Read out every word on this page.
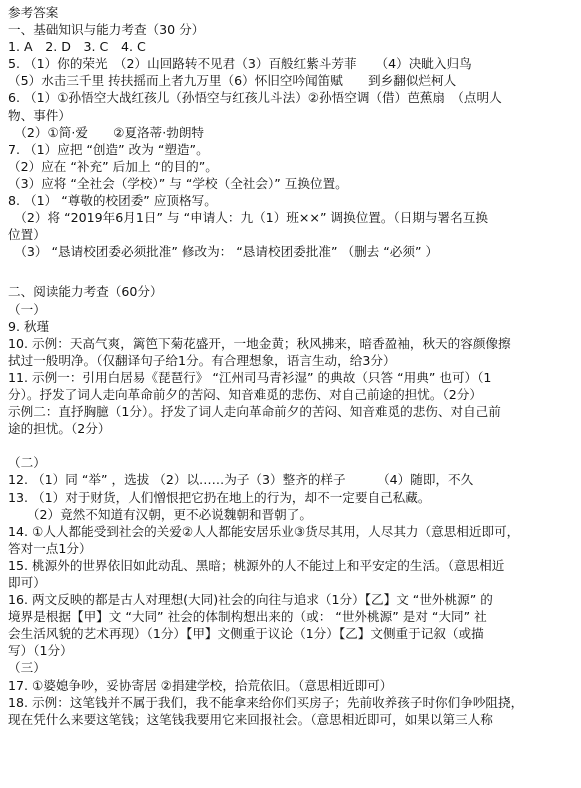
参考答案
一、基础知识与能力考查（30 分）
1. A　2. D　3. C　4. C
5. （1）你的荣光　（2）山回路转不见君（3）百般红紫斗芳菲　　（4）决眦入归鸟
（5）水击三千里 抟扶摇而上者九万里（6）怀旧空吟闻笛赋　　到乡翻似烂柯人
6. （1）①孙悟空大战红孩儿（孙悟空与红孩儿斗法）②孙悟空调（借）芭蕉扇　（点明人
物、事件）
　（2）①简·爱　　②夏洛蒂·勃朗特
7. （1）应把 “创造” 改为 “塑造”。
（2）应在 “补充” 后加上 “的目的”。
（3）应将 “全社会（学校）” 与 “学校（全社会）” 互换位置。
8. （1） “尊敬的校团委” 应顶格写。
　（2）将 “2019年6月1日” 与 “申请人：九（1）班××” 调换位置。（日期与署名互换
位置）
　（3） “恳请校团委必须批准” 修改为： “恳请校团委批准” （删去 “必须” ）
二、阅读能力考查（60分）
（一）
9. 秋瑾
10. 示例：天高气爽，篱笆下菊花盛开，一地金黄；秋风拂来，暗香盈袖，秋天的容颜像擦
拭过一般明净。（仅翻译句子给1分。有合理想象，语言生动，给3分）
11. 示例一：引用白居易《琵琶行》 “江州司马青衫湿” 的典故（只答 “用典” 也可）（1
分）。抒发了词人走向革命前夕的苦闷、知音难觅的悲伤、对自己前途的担忧。（2分）
示例二：直抒胸臆（1分）。抒发了词人走向革命前夕的苦闷、知音难觅的悲伤、对自己前
途的担忧。（2分）
（二）
12. （1）同 “举” ，选拔 （2）以……为子（3）整齐的样子　　　（4）随即，不久
13. （1）对于财货，人们憎恨把它扔在地上的行为，却不一定要自己私藏。
　　（2）竟然不知道有汉朝，更不必说魏朝和晋朝了。
14. ①人人都能受到社会的关爱②人人都能安居乐业③货尽其用，人尽其力（意思相近即可，
答对一点1分）
15. 桃源外的世界依旧如此动乱、黑暗；桃源外的人不能过上和平安定的生活。（意思相近
即可）
16. 两文反映的都是古人对理想(大同)社会的向往与追求（1分）【乙】文 “世外桃源” 的
境界是根据【甲】文 “大同” 社会的体制构想出来的（或： “世外桃源” 是对 “大同” 社
会生活风貌的艺术再现）（1分）【甲】文侧重于议论（1分）【乙】文侧重于记叙（或描
写）（1分）
（三）
17. ①婆媳争吵，妥协寄居 ②捐建学校，拾荒依旧。（意思相近即可）
18. 示例：这笔钱并不属于我们，我不能拿来给你们买房子；先前收养孩子时你们争吵阻挠，
现在凭什么来要这笔钱；这笔钱我要用它来回报社会。（意思相近即可，如果以第三人称
